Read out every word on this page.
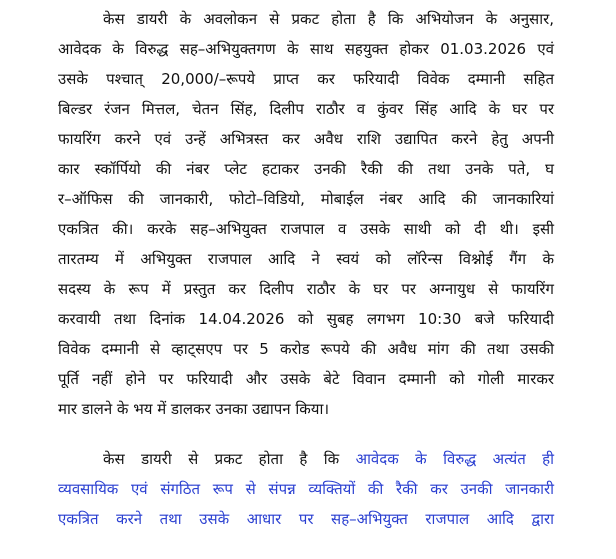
केस डायरी के अवलोकन से प्रकट होता है कि अभियोजन के अनुसार,
आवेदक के विरुद्ध सह–अभियुक्तगण के साथ सहयुक्त होकर 01.03.2026 एवं
उसके पश्चात् 20,000/–रूपये प्राप्त कर फरियादी विवेक दम्मानी सहित
बिल्डर रंजन मित्तल, चेतन सिंह, दिलीप राठौर व कुंवर सिंह आदि के घर पर
फायरिंग करने एवं उन्हें अभित्रस्त कर अवैध राशि उद्यापित करने हेतु अपनी
कार स्कॉर्पियो की नंबर प्लेट हटाकर उनकी रैकी की तथा उनके पते, घ
र–ऑफिस की जानकारी, फोटो–विडियो, मोबाईल नंबर आदि की जानकारियां
एकत्रित की। करके सह–अभियुक्त राजपाल व उसके साथी को दी थी। इसी
तारतम्य में अभियुक्त राजपाल आदि ने स्वयं को लॉरेन्स विश्नोई गैंग के
सदस्य के रूप में प्रस्तुत कर दिलीप राठौर के घर पर अग्नायुध से फायरिंग
करवायी तथा दिनांक 14.04.2026 को सुबह लगभग 10:30 बजे फरियादी
विवेक दम्मानी से व्हाट्सएप पर 5 करोड रूपये की अवैध मांग की तथा उसकी
पूर्ति नहीं होने पर फरियादी और उसके बेटे विवान दम्मानी को गोली मारकर
मार डालने के भय में डालकर उनका उद्यापन किया।
केस डायरी से प्रकट होता है कि आवेदक के विरुद्ध अत्यंत ही
व्यवसायिक एवं संगठित रूप से संपन्न व्यक्तियों की रैकी कर उनकी जानकारी
एकत्रित करने तथा उसके आधार पर सह–अभियुक्त राजपाल आदि द्वारा
